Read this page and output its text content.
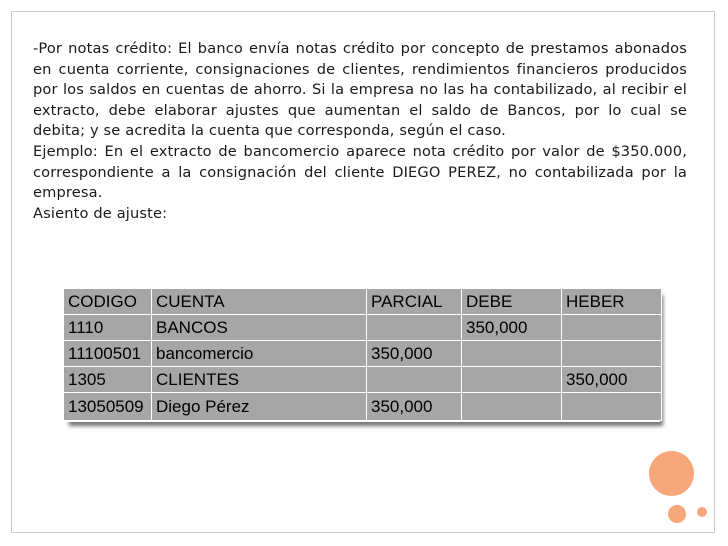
-Por notas crédito: El banco envía notas crédito por concepto de prestamos abonados en cuenta corriente, consignaciones de clientes, rendimientos financieros producidos por los saldos en cuentas de ahorro. Si la empresa no las ha contabilizado, al recibir el extracto, debe elaborar ajustes que aumentan el saldo de Bancos, por lo cual se debita; y se acredita la cuenta que corresponda, según el caso.
Ejemplo: En el extracto de bancomercio aparece nota crédito por valor de $350.000, correspondiente a la consignación del cliente DIEGO PEREZ, no contabilizada por la empresa.
Asiento de ajuste:
CODIGO	CUENTA	PARCIAL	DEBE	HEBER
1110	BANCOS		350,000	
11100501	bancomercio	350,000		
1305	CLIENTES			350,000
13050509	Diego Pérez	350,000		
